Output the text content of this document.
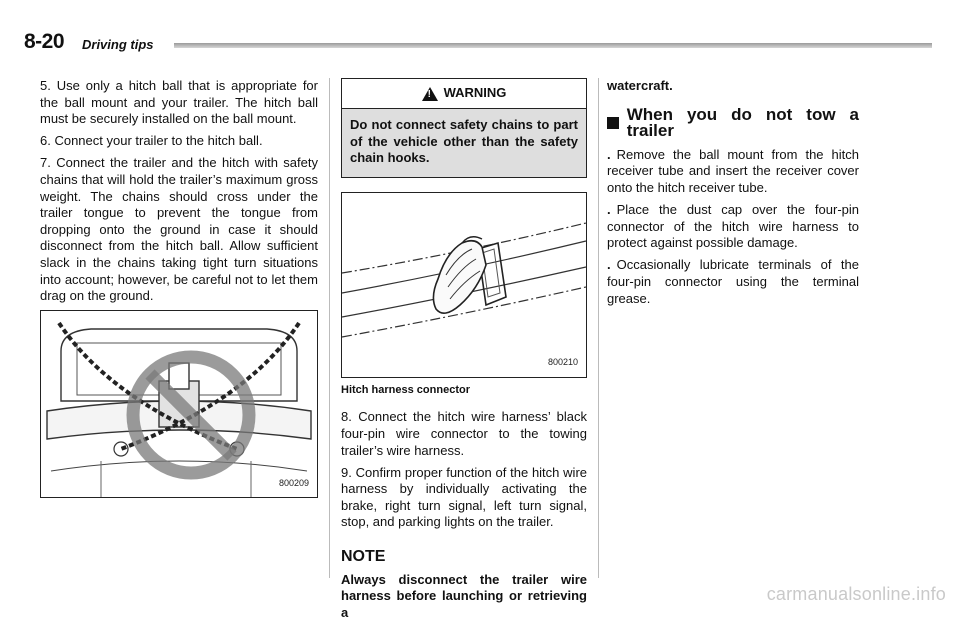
8-20 Driving tips

5. Use only a hitch ball that is appropriate for the ball mount and your trailer. The hitch ball must be securely installed on the ball mount.

6. Connect your trailer to the hitch ball.

7. Connect the trailer and the hitch with safety chains that will hold the trailer’s maximum gross weight. The chains should cross under the trailer tongue to prevent the tongue from dropping onto the ground in case it should disconnect from the hitch ball. Allow sufficient slack in the chains taking tight turn situations into account; however, be careful not to let them drag on the ground.

800209
! WARNING
Do not connect safety chains to part of the vehicle other than the safety chain hooks.
800210
Hitch harness connector

8. Connect the hitch wire harness’ black four-pin wire connector to the towing trailer’s wire harness.

9. Confirm proper function of the hitch wire harness by individually activating the brake, right turn signal, left turn signal, stop, and parking lights on the trailer.

NOTE
Always disconnect the trailer wire harness before launching or retrieving a

watercraft.

When you do not tow a trailer

. Remove the ball mount from the hitch receiver tube and insert the receiver cover onto the hitch receiver tube.

. Place the dust cap over the four-pin connector of the hitch wire harness to protect against possible damage.

. Occasionally lubricate terminals of the four-pin connector using the terminal grease.

carmanualsonline.info
